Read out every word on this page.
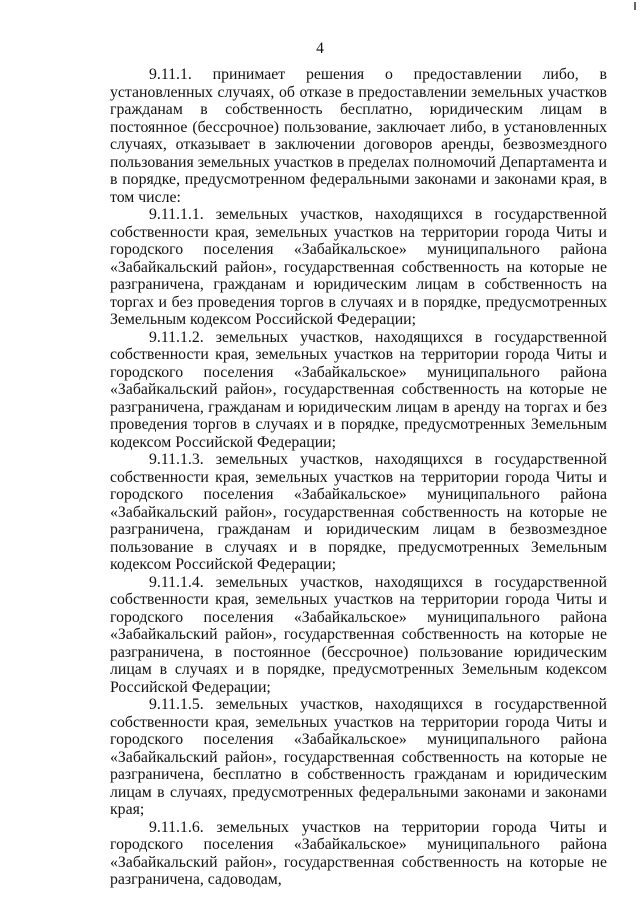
4

9.11.1. принимает решения о предоставлении либо, в установленных случаях, об отказе в предоставлении земельных участков гражданам в собственность бесплатно, юридическим лицам в постоянное (бессрочное) пользование, заключает либо, в установленных случаях, отказывает в заключении договоров аренды, безвозмездного пользования земельных участков в пределах полномочий Департамента и в порядке, предусмотренном федеральными законами и законами края, в том числе:

9.11.1.1. земельных участков, находящихся в государственной собственности края, земельных участков на территории города Читы и городского поселения «Забайкальское» муниципального района «Забайкальский район», государственная собственность на которые не разграничена, гражданам и юридическим лицам в собственность на торгах и без проведения торгов в случаях и в порядке, предусмотренных Земельным кодексом Российской Федерации;

9.11.1.2. земельных участков, находящихся в государственной собственности края, земельных участков на территории города Читы и городского поселения «Забайкальское» муниципального района «Забайкальский район», государственная собственность на которые не разграничена, гражданам и юридическим лицам в аренду на торгах и без проведения торгов в случаях и в порядке, предусмотренных Земельным кодексом Российской Федерации;

9.11.1.3. земельных участков, находящихся в государственной собственности края, земельных участков на территории города Читы и городского поселения «Забайкальское» муниципального района «Забайкальский район», государственная собственность на которые не разграничена, гражданам и юридическим лицам в безвозмездное пользование в случаях и в порядке, предусмотренных Земельным кодексом Российской Федерации;

9.11.1.4. земельных участков, находящихся в государственной собственности края, земельных участков на территории города Читы и городского поселения «Забайкальское» муниципального района «Забайкальский район», государственная собственность на которые не разграничена, в постоянное (бессрочное) пользование юридическим лицам в случаях и в порядке, предусмотренных Земельным кодексом Российской Федерации;

9.11.1.5. земельных участков, находящихся в государственной собственности края, земельных участков на территории города Читы и городского поселения «Забайкальское» муниципального района «Забайкальский район», государственная собственность на которые не разграничена, бесплатно в собственность гражданам и юридическим лицам в случаях, предусмотренных федеральными законами и законами края;

9.11.1.6. земельных участков на территории города Читы и городского поселения «Забайкальское» муниципального района «Забайкальский район», государственная собственность на которые не разграничена, садоводам,
